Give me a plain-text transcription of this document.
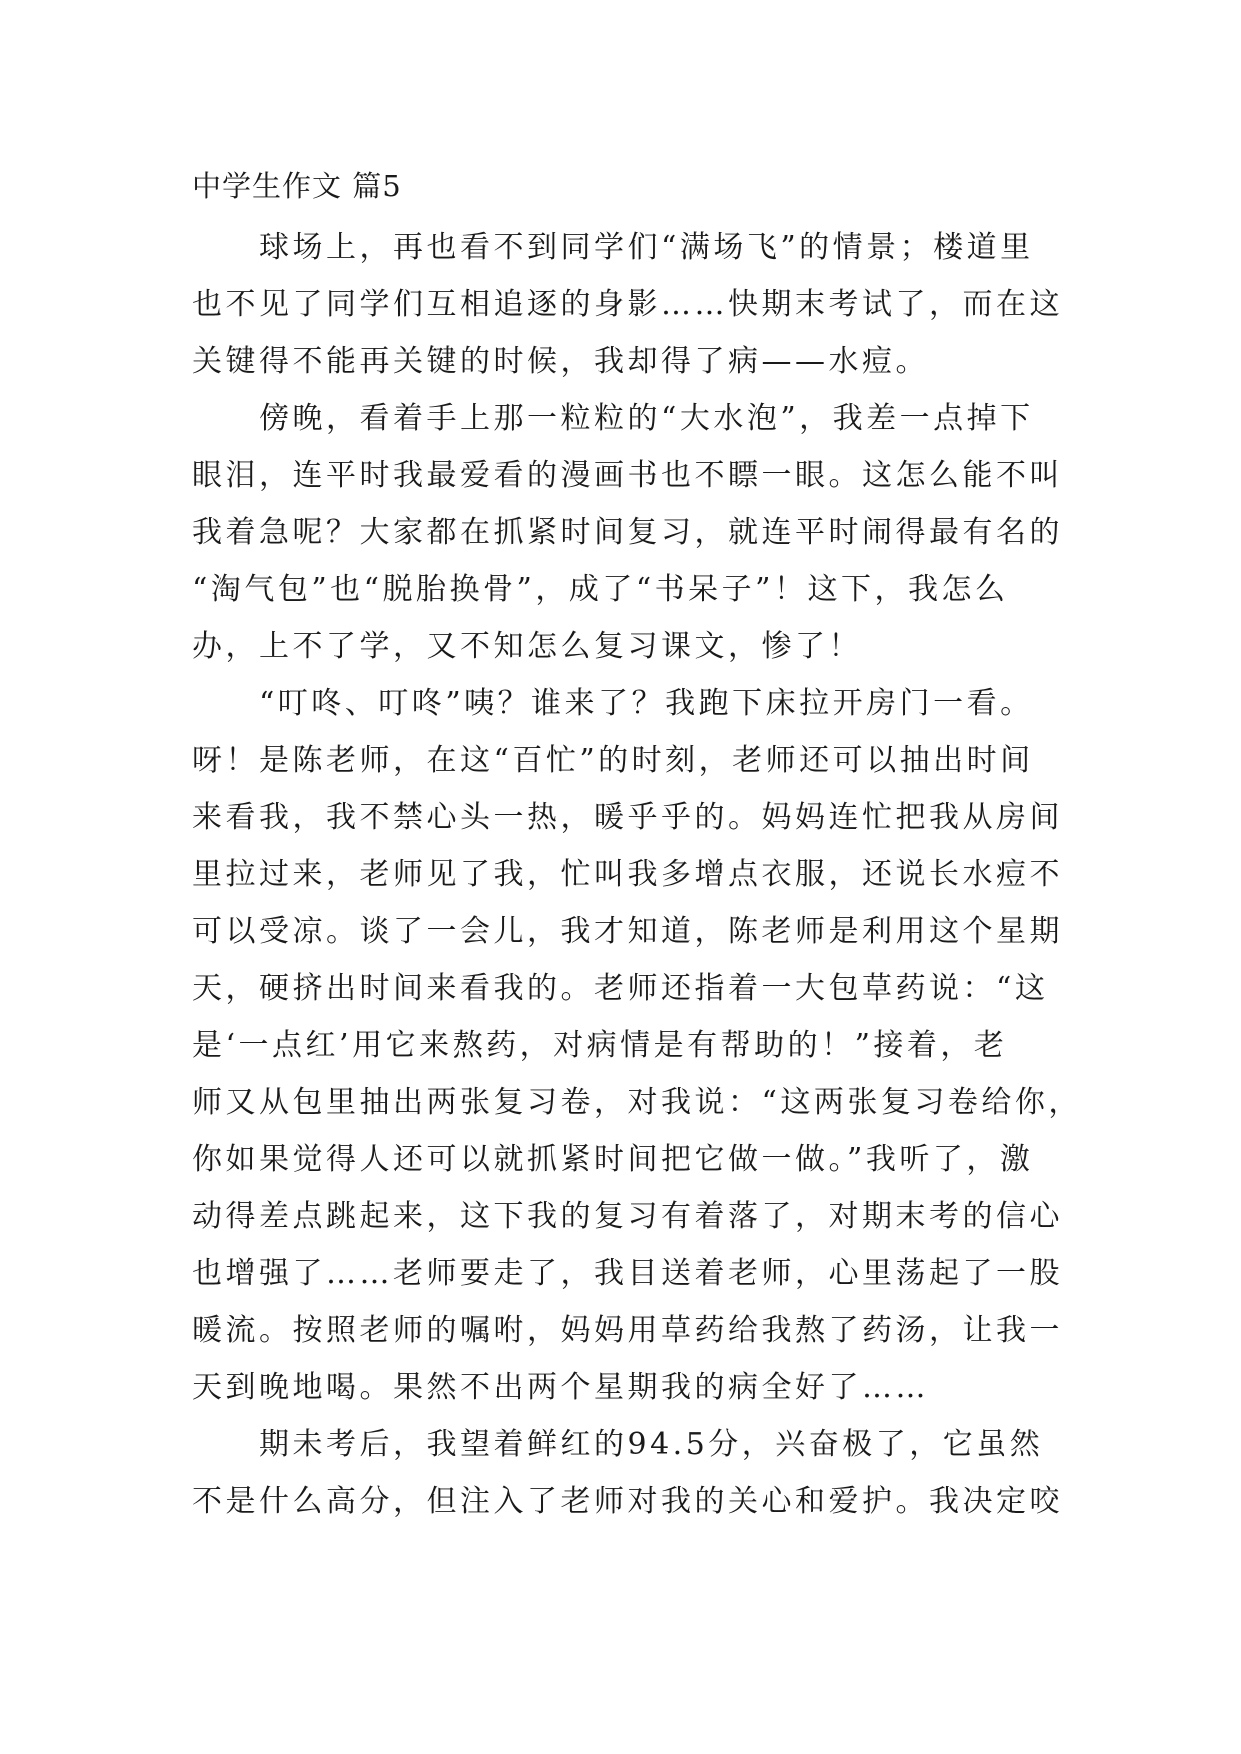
中学生作文 篇5
　　球场上，再也看不到同学们“满场飞”的情景；楼道里
也不见了同学们互相追逐的身影……快期末考试了，而在这
关键得不能再关键的时候，我却得了病——水痘。
　　傍晚，看着手上那一粒粒的“大水泡”，我差一点掉下
眼泪，连平时我最爱看的漫画书也不瞟一眼。这怎么能不叫
我着急呢？大家都在抓紧时间复习，就连平时闹得最有名的
“淘气包”也“脱胎换骨”，成了“书呆子”！这下，我怎么
办，上不了学，又不知怎么复习课文，惨了！
　　“叮咚、叮咚”咦？谁来了？我跑下床拉开房门一看。
呀！是陈老师，在这“百忙”的时刻，老师还可以抽出时间
来看我，我不禁心头一热，暖乎乎的。妈妈连忙把我从房间
里拉过来，老师见了我，忙叫我多增点衣服，还说长水痘不
可以受凉。谈了一会儿，我才知道，陈老师是利用这个星期
天，硬挤出时间来看我的。老师还指着一大包草药说：“这
是‘一点红’用它来熬药，对病情是有帮助的！”接着，老
师又从包里抽出两张复习卷，对我说：“这两张复习卷给你，
你如果觉得人还可以就抓紧时间把它做一做。”我听了，激
动得差点跳起来，这下我的复习有着落了，对期末考的信心
也增强了……老师要走了，我目送着老师，心里荡起了一股
暖流。按照老师的嘱咐，妈妈用草药给我熬了药汤，让我一
天到晚地喝。果然不出两个星期我的病全好了……
　　期未考后，我望着鲜红的94.5分，兴奋极了，它虽然
不是什么高分，但注入了老师对我的关心和爱护。我决定咬
